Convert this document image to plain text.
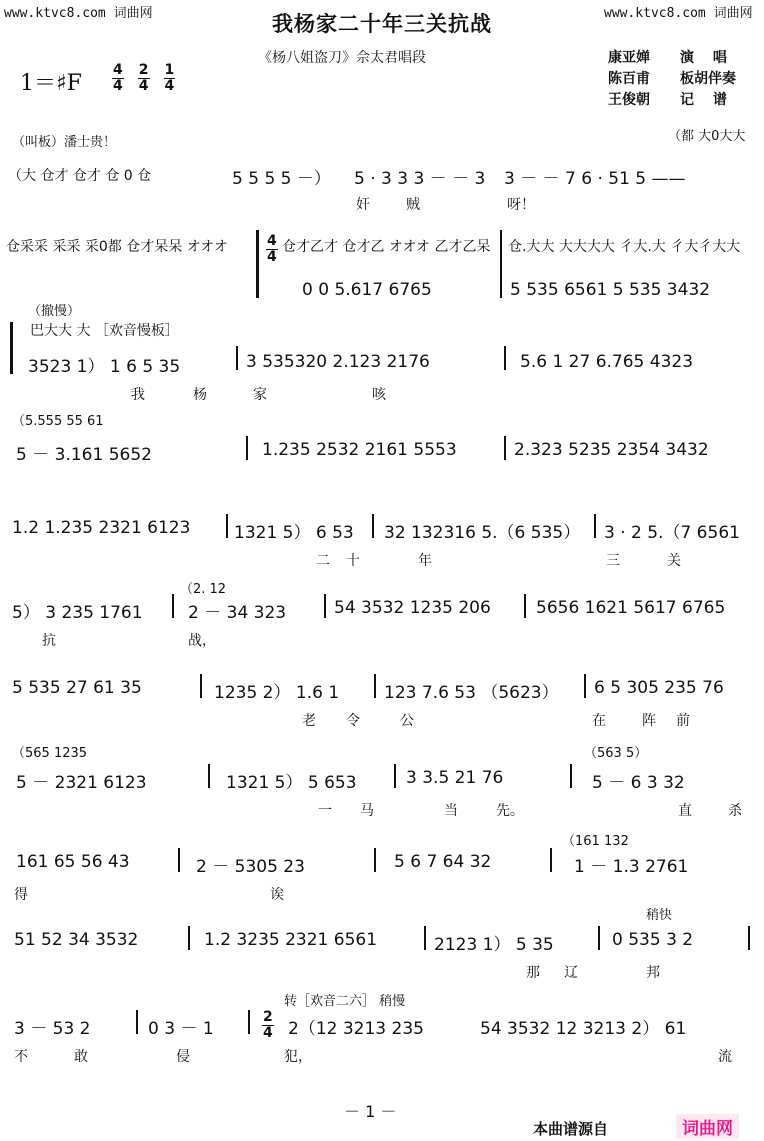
www.ktvc8.com 词曲网	www.ktvc8.com 词曲网
我杨家二十年三关抗战
《杨八姐盗刀》佘太君唱段
1＝♯F $\frac{4}{4} \frac{2}{4} \frac{1}{4}$
康亚婵	演　 唱
陈百甫	板胡伴奏
王俊朝	记　 谱
（叫板）潘士贵！	（都 大0大大
（大 仓才 仓才 仓 0 仓	5 5 5 5 －） 5 · 3 3 3 － － 3 3 － － 7 6 · 51 5 ——
奸	贼	呀！
仓采采 采采 采0都 仓才呆呆 オオオ	$\frac{4}{4}$ 仓才乙才 仓才乙 オオオ 乙才乙呆 仓.大大 大大大大 彳大.大 彳大彳大大
0 0 5.617 6765	5 535 6561 5 535 3432
（撤慢）
巴大大 大 ［欢音慢板］
3523 1） 1 6 5 35	3 535320 2.123 2176	5.6 1 27 6.765 4323
我	杨	家	咳
（5.555 55 61
5 － 3.161 5652	1.235 2532 2161 5553	2.323 5235 2354 3432
1.2 1.235 2321 6123	1321 5） 6 53 32 132316 5.（6 535） 3 · 2 5.（7 6561
二 十	年	三	关
（2. 12
5） 3 235 1761	2 － 34 323	54 3532 1235 206	5656 1621 5617 6765
抗	战，
5 535 27 61 35	1235 2） 1.6 1	123 7.6 53 （5623） 6 5 305 235 76
老 令	公	在	阵 前
（565 1235	（563 5）
5 － 2321 6123	1321 5） 5 653	3 3.5 21 76	5 － 6 3 32
一 马	当	先。	直	杀
（161 132
161 65 56 43	2 － 5305 23	5 6 7 64 32	1 － 1.3 2761
得	诶
稍快
51 52 34 3532	1.2 3235 2321 6561	2123 1） 5 35	0 535 3 2
那 辽	邦
转［欢音二六］ 稍慢
3 － 53 2	0 3 － 1	$\frac{2}{4} 2(12$ 3213 235	54 3532 12 3213 2） 61
不	敢	侵	犯，	流
－ 1 －
本曲谱源自	词曲网
